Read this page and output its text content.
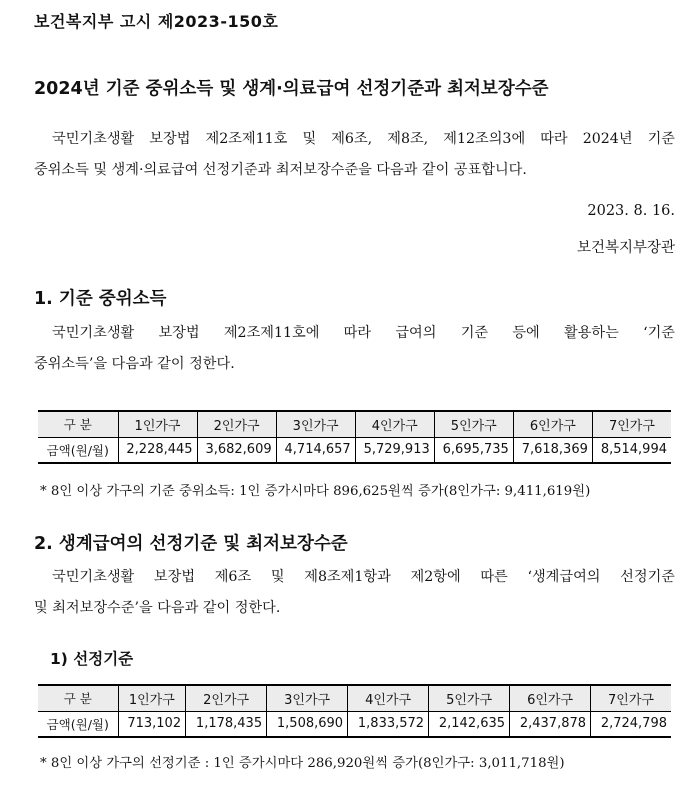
보건복지부 고시 제2023-150호
2024년 기준 중위소득 및 생계·의료급여 선정기준과 최저보장수준
국민기초생활 보장법 제2조제11호 및 제6조, 제8조, 제12조의3에 따라 2024년 기준
중위소득 및 생계·의료급여 선정기준과 최저보장수준을 다음과 같이 공표합니다.
2023. 8. 16.
보건복지부장관
1. 기준 중위소득
국민기초생활 보장법 제2조제11호에 따라 급여의 기준 등에 활용하는 ‘기준
중위소득’을 다음과 같이 정한다.
구 분	1인가구	2인가구	3인가구	4인가구	5인가구	6인가구	7인가구
금액(원/월)	2,228,445	3,682,609	4,714,657	5,729,913	6,695,735	7,618,369	8,514,994
* 8인 이상 가구의 기준 중위소득: 1인 증가시마다 896,625원씩 증가(8인가구: 9,411,619원)
2. 생계급여의 선정기준 및 최저보장수준
국민기초생활 보장법 제6조 및 제8조제1항과 제2항에 따른 ‘생계급여의 선정기준
및 최저보장수준’을 다음과 같이 정한다.
1) 선정기준
구 분	1인가구	2인가구	3인가구	4인가구	5인가구	6인가구	7인가구
금액(원/월)	713,102	1,178,435	1,508,690	1,833,572	2,142,635	2,437,878	2,724,798
* 8인 이상 가구의 선정기준 : 1인 증가시마다 286,920원씩 증가(8인가구: 3,011,718원)
